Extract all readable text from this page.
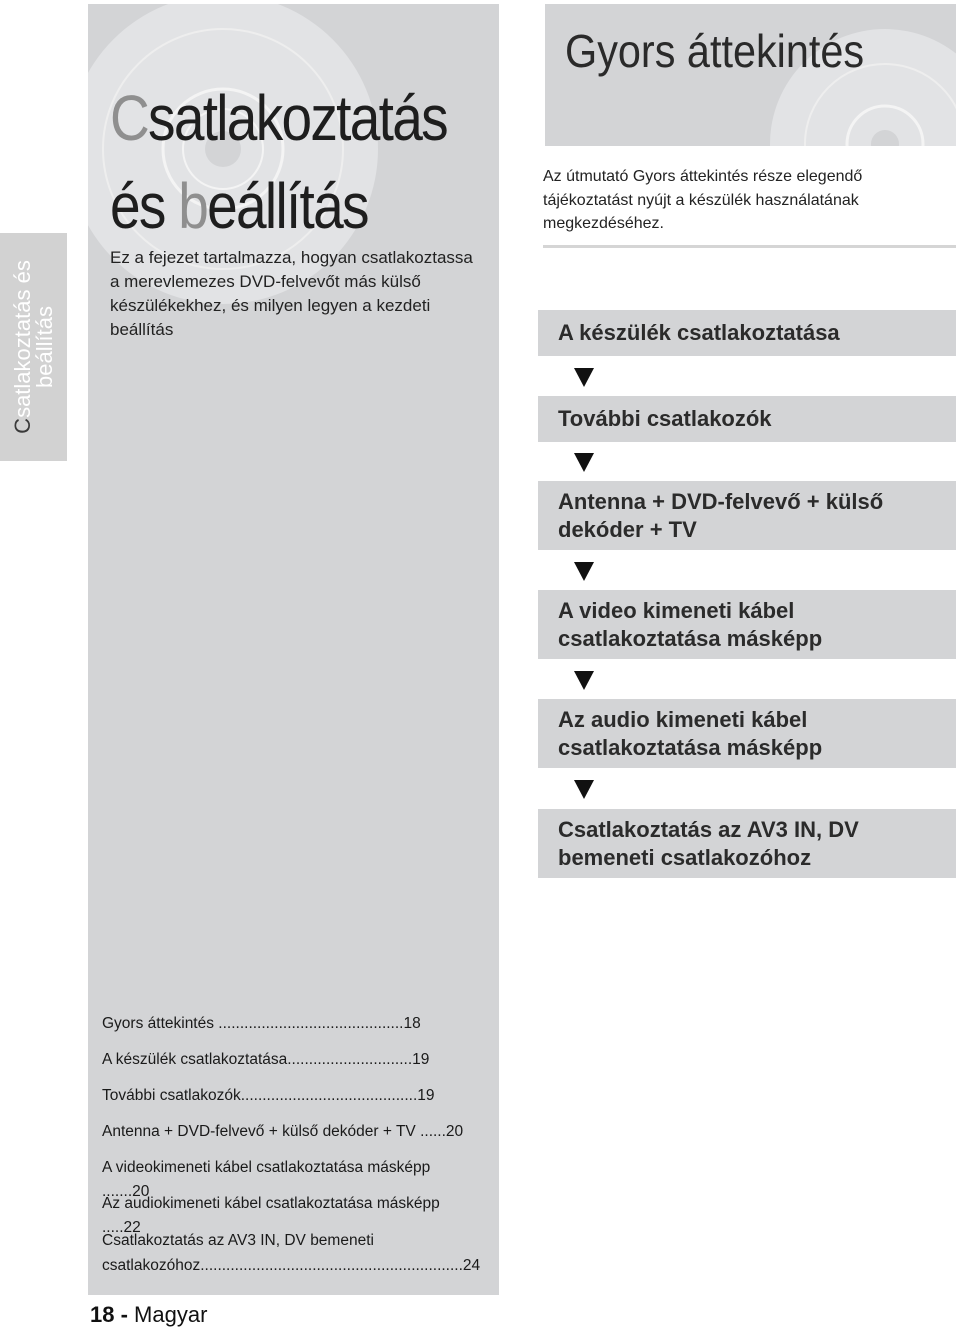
Csatlakoztatás és
beállítás
Csatlakoztatás
és beállítás
Ez a fejezet tartalmazza, hogyan csatlakoztassa a merevlemezes DVD-felvevőt más külső készülékekhez, és milyen legyen a kezdeti beállítás
Gyors áttekintés ...........................................18
A készülék csatlakoztatása.............................19
További csatlakozók.........................................19
Antenna + DVD-felvevő + külső dekóder + TV ......20
A videokimeneti kábel csatlakoztatása másképp .......20
Az audiokimeneti kábel csatlakoztatása másképp .....22
Csatlakoztatás az AV3 IN, DV bemeneti
csatlakozóhoz.............................................................24
18 - Magyar
Gyors áttekintés
Az útmutató Gyors áttekintés része elegendő tájékoztatást nyújt a készülék használatának megkezdéséhez.
A készülék csatlakoztatása
További csatlakozók
Antenna + DVD-felvevő + külső
dekóder + TV
A video kimeneti kábel
csatlakoztatása másképp
Az audio kimeneti kábel
csatlakoztatása másképp
Csatlakoztatás az AV3 IN, DV
bemeneti csatlakozóhoz
